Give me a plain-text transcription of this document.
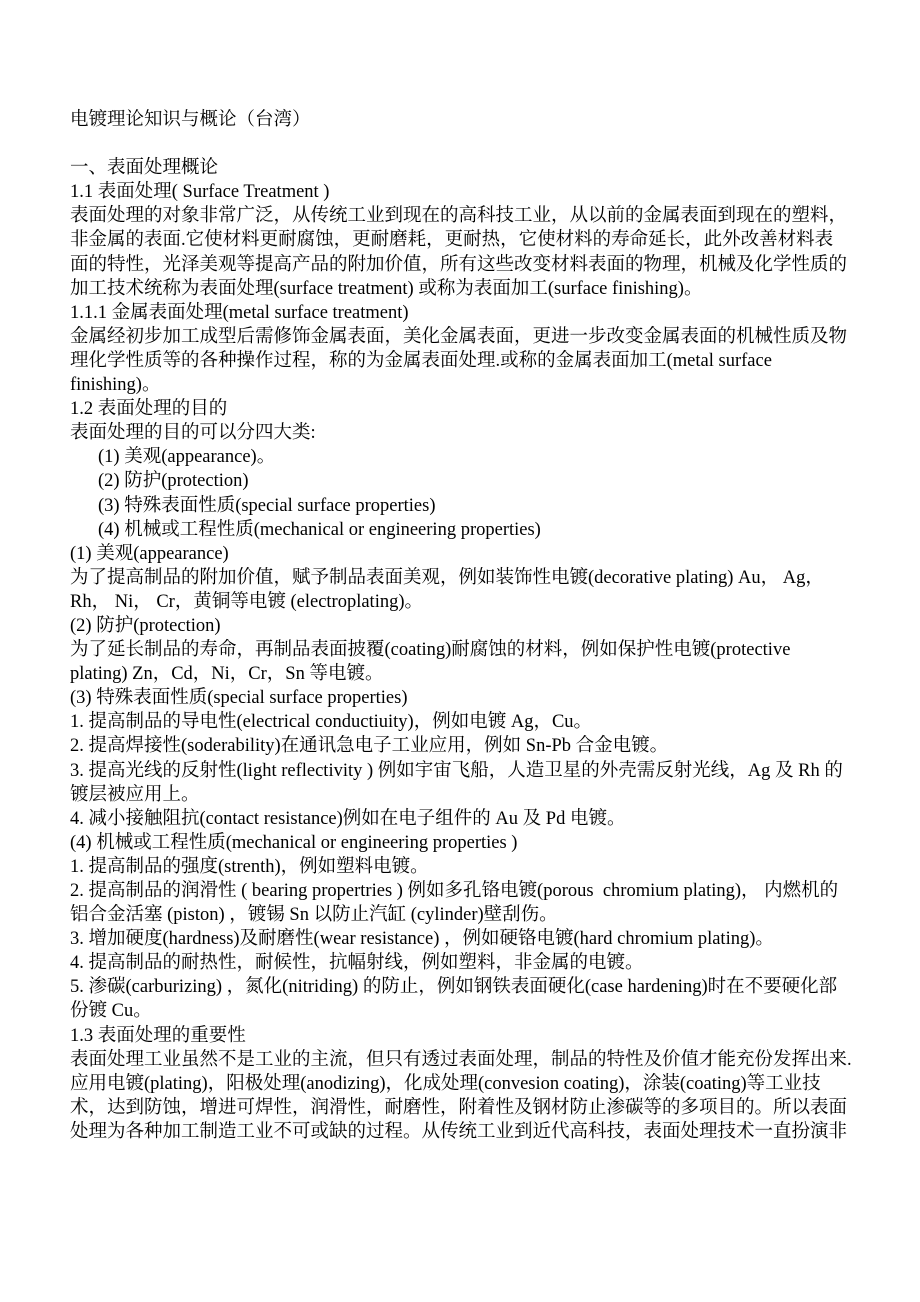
电镀理论知识与概论（台湾）
一、表面处理概论
1.1 表面处理( Surface Treatment )
表面处理的对象非常广泛，从传统工业到现在的高科技工业，从以前的金属表面到现在的塑料，
非金属的表面.它使材料更耐腐蚀，更耐磨耗，更耐热，它使材料的寿命延长，此外改善材料表
面的特性，光泽美观等提高产品的附加价值，所有这些改变材料表面的物理，机械及化学性质的
加工技术统称为表面处理(surface treatment) 或称为表面加工(surface finishing)。
1.1.1 金属表面处理(metal surface treatment)
金属经初步加工成型后需修饰金属表面，美化金属表面，更进一步改变金属表面的机械性质及物
理化学性质等的各种操作过程，称的为金属表面处理.或称的金属表面加工(metal surface
finishing)。
1.2 表面处理的目的
表面处理的目的可以分四大类:
(1) 美观(appearance)。
(2) 防护(protection)
(3) 特殊表面性质(special surface properties)
(4) 机械或工程性质(mechanical or engineering properties)
(1) 美观(appearance)
为了提高制品的附加价值，赋予制品表面美观，例如装饰性电镀(decorative plating) Au， Ag，
Rh， Ni， Cr，黄铜等电镀 (electroplating)。
(2) 防护(protection)
为了延长制品的寿命，再制品表面披覆(coating)耐腐蚀的材料，例如保护性电镀(protective
plating) Zn，Cd，Ni，Cr，Sn 等电镀。
(3) 特殊表面性质(special surface properties)
1. 提高制品的导电性(electrical conductiuity)，例如电镀 Ag，Cu。
2. 提高焊接性(soderability)在通讯急电子工业应用，例如 Sn-Pb 合金电镀。
3. 提高光线的反射性(light reflectivity ) 例如宇宙飞船，人造卫星的外壳需反射光线，Ag 及 Rh 的
镀层被应用上。
4. 减小接触阻抗(contact resistance)例如在电子组件的 Au 及 Pd 电镀。
(4) 机械或工程性质(mechanical or engineering properties )
1. 提高制品的强度(strenth)，例如塑料电镀。
2. 提高制品的润滑性 ( bearing propertries ) 例如多孔铬电镀(porous  chromium plating)， 内燃机的
铝合金活塞 (piston) ，镀锡 Sn 以防止汽缸 (cylinder)壁刮伤。
3. 增加硬度(hardness)及耐磨性(wear resistance) ，例如硬铬电镀(hard chromium plating)。
4. 提高制品的耐热性，耐候性，抗幅射线，例如塑料，非金属的电镀。
5. 渗碳(carburizing) ，氮化(nitriding) 的防止，例如钢铁表面硬化(case hardening)时在不要硬化部
份镀 Cu。
1.3 表面处理的重要性
表面处理工业虽然不是工业的主流，但只有透过表面处理，制品的特性及价值才能充份发挥出来.
应用电镀(plating)，阳极处理(anodizing)，化成处理(convesion coating)，涂装(coating)等工业技
术，达到防蚀，增进可焊性，润滑性，耐磨性，附着性及钢材防止渗碳等的多项目的。所以表面
处理为各种加工制造工业不可或缺的过程。从传统工业到近代高科技，表面处理技术一直扮演非
